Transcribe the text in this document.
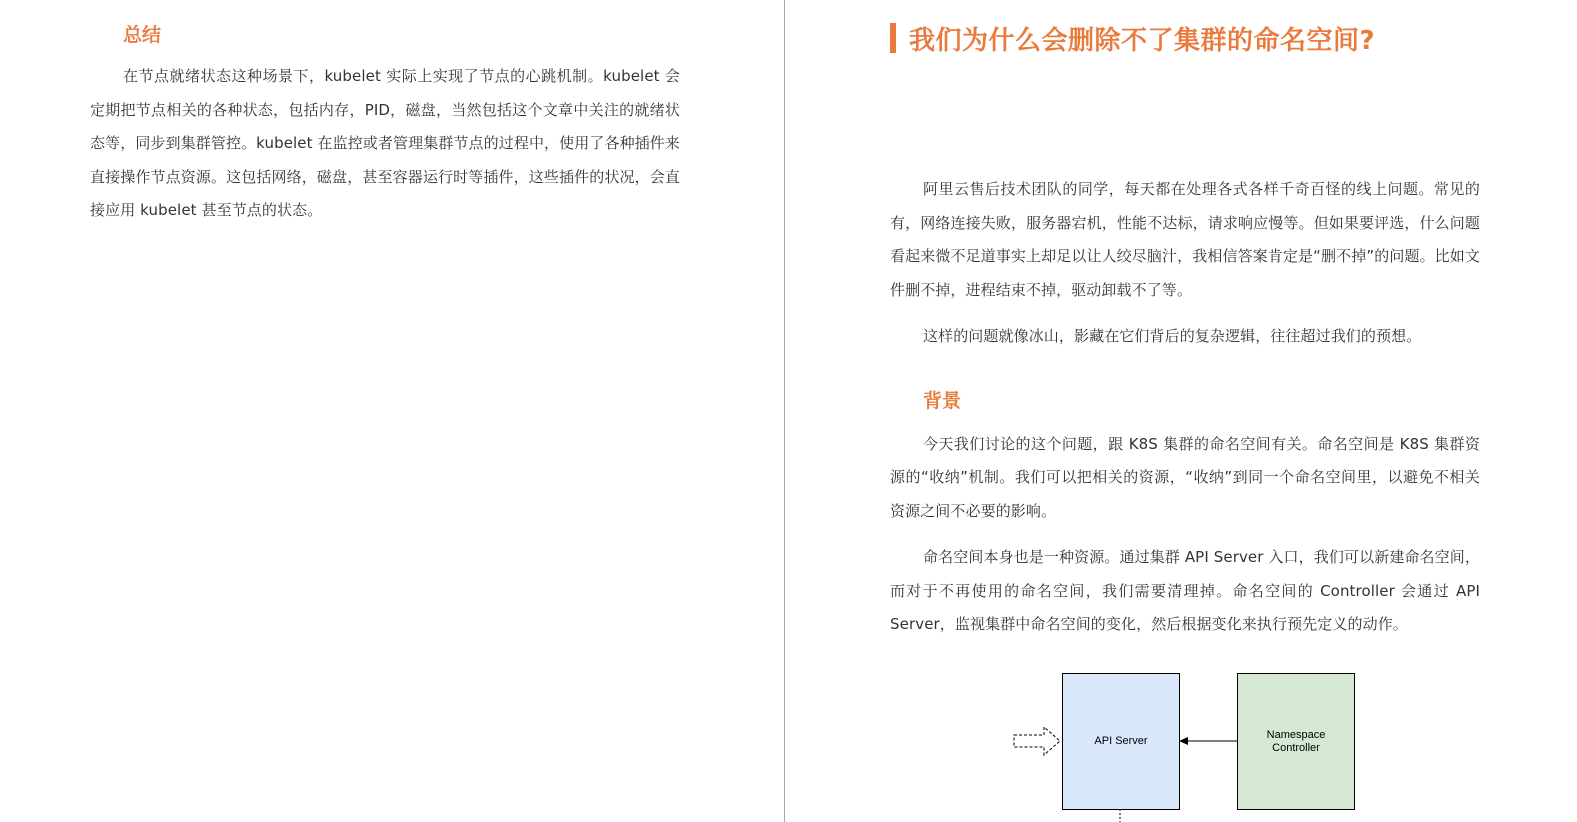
总结

在节点就绪状态这种场景下，kubelet 实际上实现了节点的心跳机制。kubelet 会定期把节点相关的各种状态，包括内存，PID，磁盘，当然包括这个文章中关注的就绪状态等，同步到集群管控。kubelet 在监控或者管理集群节点的过程中，使用了各种插件来直接操作节点资源。这包括网络，磁盘，甚至容器运行时等插件，这些插件的状况，会直接应用 kubelet 甚至节点的状态。

我们为什么会删除不了集群的命名空间?

阿里云售后技术团队的同学，每天都在处理各式各样千奇百怪的线上问题。常见的有，网络连接失败，服务器宕机，性能不达标，请求响应慢等。但如果要评选，什么问题看起来微不足道事实上却足以让人绞尽脑汁，我相信答案肯定是“删不掉”的问题。比如文件删不掉，进程结束不掉，驱动卸载不了等。

这样的问题就像冰山，影藏在它们背后的复杂逻辑，往往超过我们的预想。

背景

今天我们讨论的这个问题，跟 K8S 集群的命名空间有关。命名空间是 K8S 集群资源的“收纳”机制。我们可以把相关的资源，“收纳”到同一个命名空间里，以避免不相关资源之间不必要的影响。

命名空间本身也是一种资源。通过集群 API Server 入口，我们可以新建命名空间，而对于不再使用的命名空间，我们需要清理掉。命名空间的 Controller 会通过 API Server，监视集群中命名空间的变化，然后根据变化来执行预先定义的动作。

API Server
Namespace
Controller
